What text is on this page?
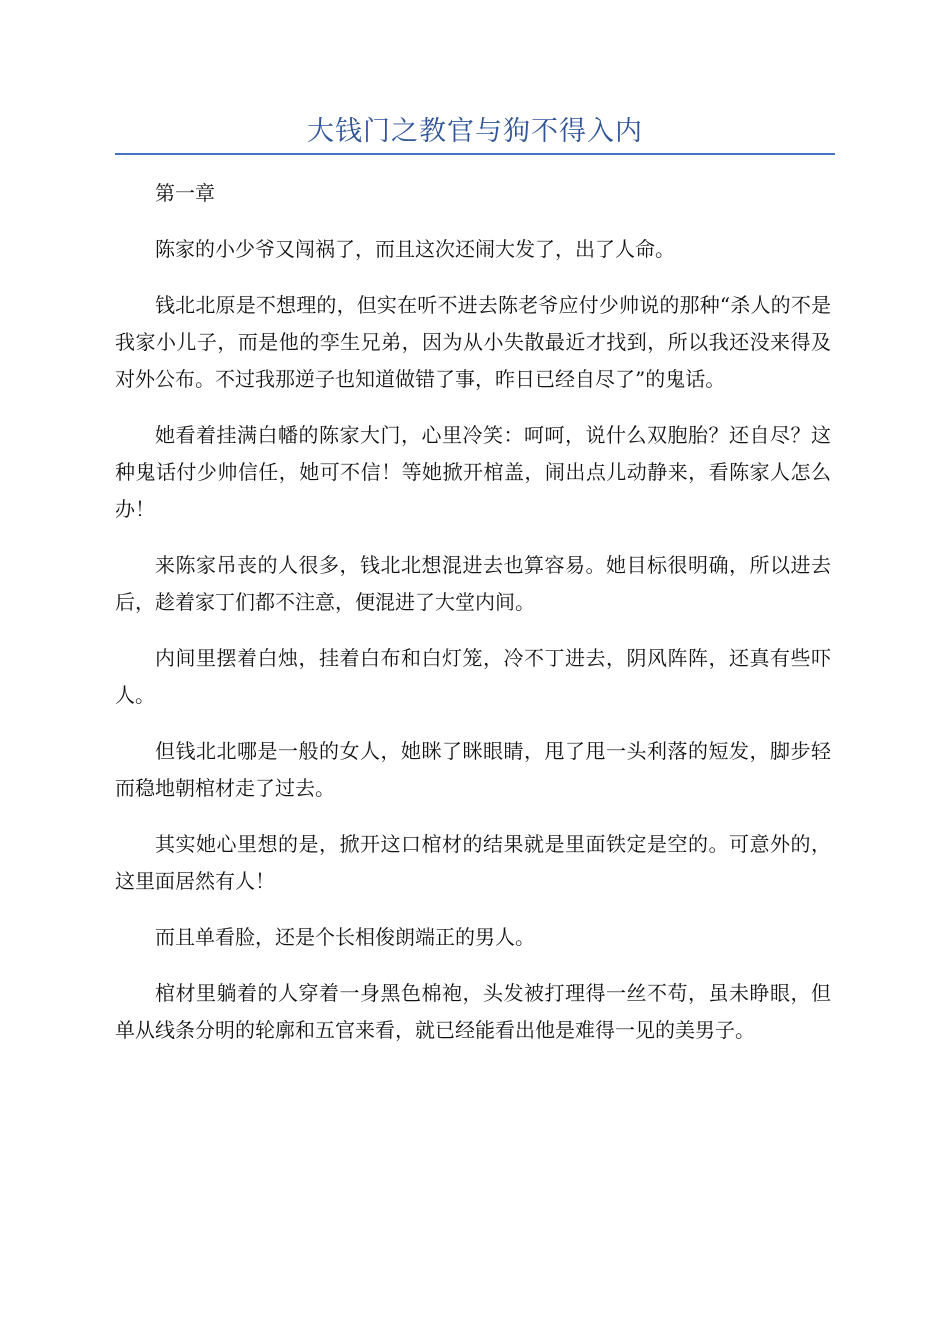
大钱门之教官与狗不得入内

第一章

陈家的小少爷又闯祸了，而且这次还闹大发了，出了人命。

钱北北原是不想理的，但实在听不进去陈老爷应付少帅说的那种“杀人的不是我家小儿子，而是他的孪生兄弟，因为从小失散最近才找到，所以我还没来得及对外公布。不过我那逆子也知道做错了事，昨日已经自尽了”的鬼话。

她看着挂满白幡的陈家大门，心里冷笑：呵呵，说什么双胞胎？还自尽？这种鬼话付少帅信任，她可不信！等她掀开棺盖，闹出点儿动静来，看陈家人怎么办！

来陈家吊丧的人很多，钱北北想混进去也算容易。她目标很明确，所以进去后，趁着家丁们都不注意，便混进了大堂内间。

内间里摆着白烛，挂着白布和白灯笼，冷不丁进去，阴风阵阵，还真有些吓人。

但钱北北哪是一般的女人，她眯了眯眼睛，甩了甩一头利落的短发，脚步轻而稳地朝棺材走了过去。

其实她心里想的是，掀开这口棺材的结果就是里面铁定是空的。可意外的，这里面居然有人！

而且单看脸，还是个长相俊朗端正的男人。

棺材里躺着的人穿着一身黑色棉袍，头发被打理得一丝不苟，虽未睁眼，但单从线条分明的轮廓和五官来看，就已经能看出他是难得一见的美男子。
